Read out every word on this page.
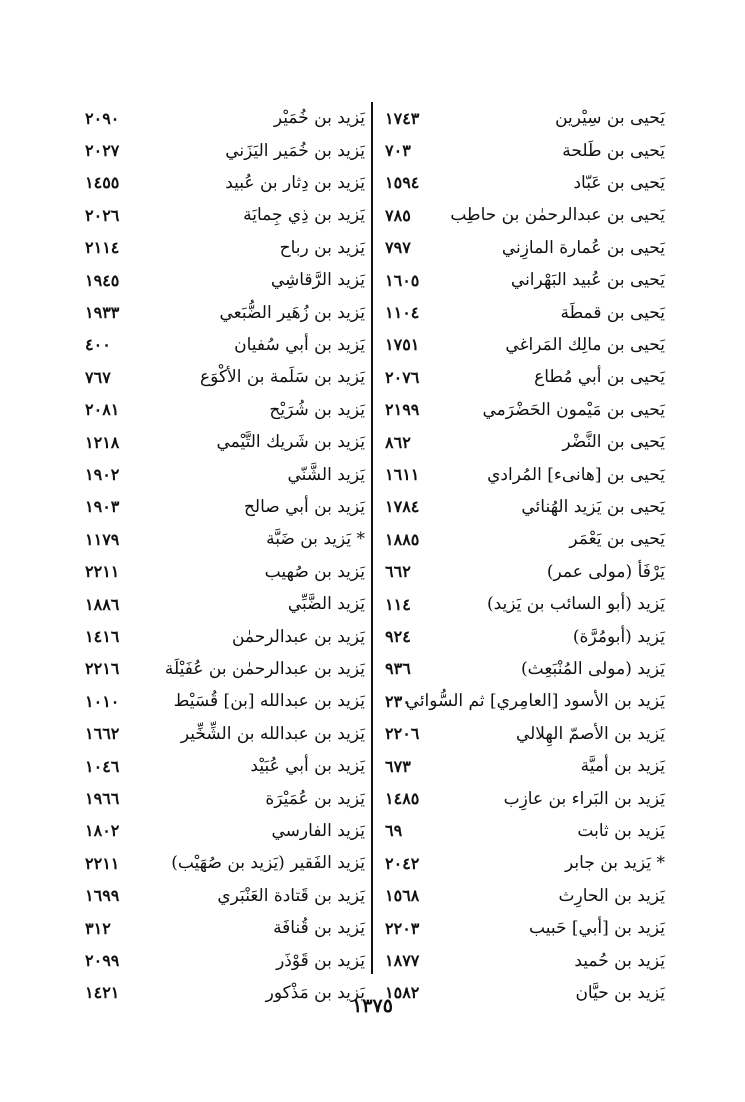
يَحيى بن سِيْرين
١٧٤٣
يَحيى بن طَلحة
٧٠٣
يَحيى بن عَبّاد
١٥٩٤
يَحيى بن عبدالرحمٰن بن حاطِب
٧٨٥
يَحيى بن عُمارة المازِني
٧٩٧
يَحيى بن عُبيد البَهْراني
١٦٠٥
يَحيى بن قمطَة
١١٠٤
يَحيى بن مالِك المَراغي
١٧٥١
يَحيى بن أبي مُطاع
٢٠٧٦
يَحيى بن مَيْمون الحَضْرَمي
٢١٩٩
يَحيى بن النَّضْر
٨٦٢
يَحيى بن [هانىء] المُرادي
١٦١١
يَحيى بن يَزيد الهُنائي
١٧٨٤
يَحيى بن يَعْمَر
١٨٨٥
يَرْفَأ (مولى عمر)
٦٦٢
يَزيد (أبو السائب بن يَزيد)
١١٤
يَزيد (أبومُرَّة)
٩٢٤
يَزيد (مولى المُنْبَعِث)
٩٣٦
يَزيد بن الأسود [العامِري] ثم السُّوائي
٢٣٠
يَزيد بن الأصمّ الهِلالي
٢٢٠٦
يَزيد بن أميَّة
٦٧٣
يَزيد بن البَراء بن عازِب
١٤٨٥
يَزيد بن ثابت
٦٩
* يَزيد بن جابر
٢٠٤٢
يَزيد بن الحارِث
١٥٦٨
يَزيد بن [أبي] حَبيب
٢٢٠٣
يَزيد بن حُميد
١٨٧٧
يَزيد بن حيَّان
١٥٨٢
يَزيد بن خُمَيْر
٢٠٩٠
يَزيد بن خُمَير اليَزَني
٢٠٢٧
يَزيد بن دِثار بن عُبيد
١٤٥٥
يَزيد بن ذِي جِمايَة
٢٠٢٦
يَزيد بن رباح
٢١١٤
يَزيد الرَّقاشِي
١٩٤٥
يَزيد بن زُهَير الضُّبَعي
١٩٣٣
يَزيد بن أبي سُفيان
٤٠٠
يَزيد بن سَلَمة بن الأكْوَع
٧٦٧
يَزيد بن شُرَيْح
٢٠٨١
يَزيد بن شَريك التَّيْمي
١٢١٨
يَزيد الشَّنّي
١٩٠٢
يَزيد بن أبي صالح
١٩٠٣
* يَزيد بن ضَبَّة
١١٧٩
يَزيد بن صُهيب
٢٢١١
يَزيد الضَّبِّي
١٨٨٦
يَزيد بن عبدالرحمٰن
١٤١٦
يَزيد بن عبدالرحمٰن بن عُفَيْلَة
٢٢١٦
يَزيد بن عبدالله [بن] قُسَيْط
١٠١٠
يَزيد بن عبدالله بن الشِّخِّير
١٦٦٢
يَزيد بن أبي عُبَيْد
١٠٤٦
يَزيد بن عُمَيْرَة
١٩٦٦
يَزيد الفارسي
١٨٠٢
يَزيد الفَقير (يَزيد بن صُهَيْب)
٢٢١١
يَزيد بن قَتادة العَنْبَري
١٦٩٩
يَزيد بن قُنافَة
٣١٢
يَزيد بن قَوْذَر
٢٠٩٩
يَزيد بن مَذْكور
١٤٢١
١٣٧٥
